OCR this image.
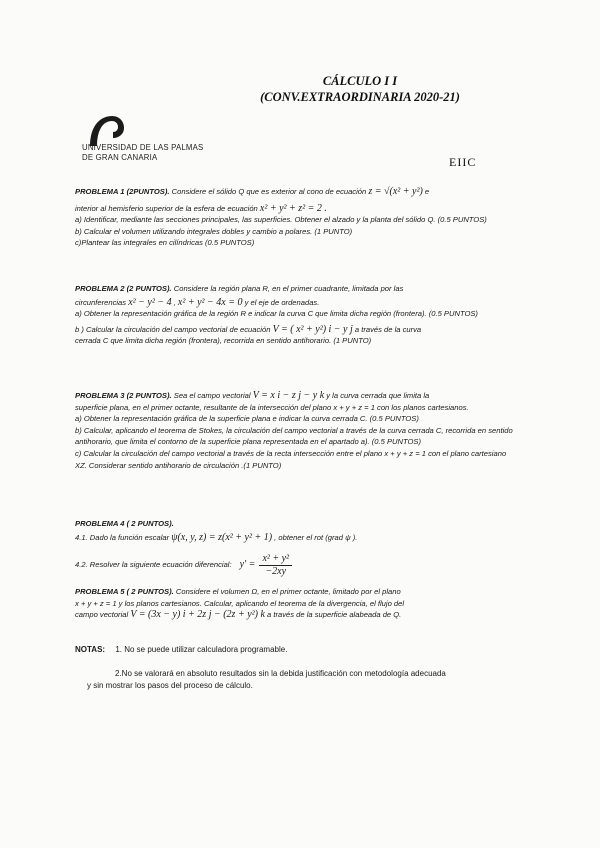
CÁLCULO I I
(CONV.EXTRAORDINARIA 2020-21)
UNIVERSIDAD DE LAS PALMAS
DE GRAN CANARIA	EIIC

PROBLEMA 1 (2PUNTOS). Considere el sólido Q que es exterior al cono de ecuación z = √(x² + y²) e

interior al hemisferio superior de la esfera de ecuación x² + y² + z² = 2 .

a) Identificar, mediante las secciones principales, las superficies. Obtener el alzado y la planta del sólido Q. (0.5 PUNTOS)

b) Calcular el volumen utilizando integrales dobles y cambio a polares. (1 PUNTO)

c)Plantear las integrales en cilíndricas (0.5 PUNTOS)

PROBLEMA 2 (2 PUNTOS). Considere la región plana R, en el primer cuadrante, limitada por las

circunferencias x² − y² − 4 , x² + y² − 4x = 0 y el eje de ordenadas.

a) Obtener la representación gráfica de la región R e indicar la curva C que limita dicha región (frontera). (0.5 PUNTOS)

b ) Calcular la circulación del campo vectorial de ecuación V = ( x² + y²) i − y j a través de la curva

cerrada C que limita dicha región (frontera), recorrida en sentido antihorario. (1 PUNTO)

PROBLEMA 3 (2 PUNTOS). Sea el campo vectorial V = x i − z j − y k y la curva cerrada que limita la

superficie plana, en el primer octante, resultante de la intersección del plano x + y + z = 1 con los planos cartesianos.

a) Obtener la representación gráfica de la superficie plana e indicar la curva cerrada C. (0.5 PUNTOS)

b) Calcular, aplicando el teorema de Stokes, la circulación del campo vectorial a través de la curva cerrada C, recorrida en sentido antihorario, que limita el contorno de la superficie plana representada en el apartado a). (0.5 PUNTOS)

c) Calcular la circulación del campo vectorial a través de la recta intersección entre el plano x + y + z = 1 con el plano cartesiano XZ. Considerar sentido antihorario de circulación .(1 PUNTO)

PROBLEMA 4 ( 2 PUNTOS).

4.1. Dado la función escalar ψ(x, y, z) = z(x² + y² + 1) , obtener el rot (grad ψ ).

4.2. Resolver la siguiente ecuación diferencial: $y' = \frac{\text{x² + y²}}{-2xy}$

PROBLEMA 5 ( 2 PUNTOS). Considere el volumen Ω, en el primer octante, limitado por el plano

x + y + z = 1 y los planos cartesianos. Calcular, aplicando el teorema de la divergencia, el flujo del

campo vectorial V = (3x − y) i + 2z j − (2z + y²) k a través de la superficie alabeada de Q.

NOTAS: 1. No se puede utilizar calculadora programable.
2.No se valorará en absoluto resultados sin la debida justificación con metodología adecuada
y sin mostrar los pasos del proceso de cálculo.
